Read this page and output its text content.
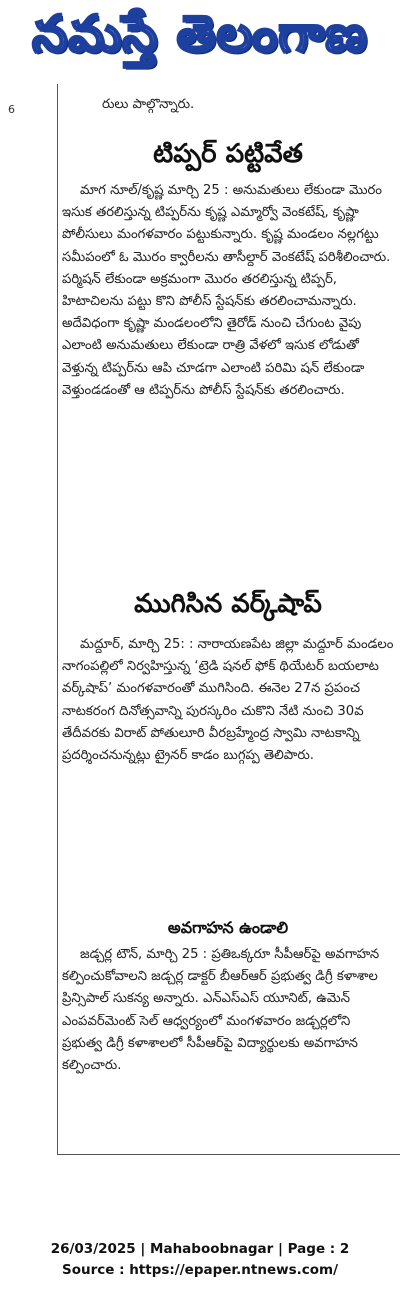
నమస్తే తెలంగాణ
6	రులు పాల్గొన్నారు.

టిప్పర్ పట్టివేత

మాగ నూల్/కృష్ణ మార్చి 25 : అనుమతులు లేకుండా మొరం ఇసుక తరలిస్తున్న టిప్పర్‌ను కృష్ణ ఎమ్మార్వో వెంకటేష్, కృష్ణా పోలీసులు మంగళవారం పట్టుకున్నారు. కృష్ణ మండలం నల్లగట్టు సమీపంలో ఓ మొరం క్వారీలను తాసీల్దార్ వెంకటేష్ పరిశీలించారు. పర్మిషన్ లేకుండా అక్రమంగా మొరం తరలిస్తున్న టిప్పర్, హిటాచిలను పట్టు కొని పోలీస్ స్టేషన్‌కు తరలించామన్నారు. అదేవిధంగా కృష్ణా మండలంలోని తైరోడ్ నుంచి చేగుంట వైపు ఎలాంటి అనుమతులు లేకుండా రాత్రి వేళలో ఇసుక లోడుతో వెళ్తున్న టిప్పర్‌ను ఆపి చూడగా ఎలాంటి పరిమి షన్ లేకుండా వెళ్తుండడంతో ఆ టిప్పర్‌ను పోలీస్ స్టేషన్‌కు తరలించారు.

ముగిసిన వర్క్‌షాప్

మద్దూర్, మార్చి 25: : నారాయణపేట జిల్లా మద్దూర్ మండలం నాగంపల్లిలో నిర్వహిస్తున్న ‘ట్రెడి షనల్ ఫోక్ థియేటర్ బయలాట వర్క్‌షాప్’ మంగళవారంతో ముగిసింది. ఈనెల 27న ప్రపంచ నాటకరంగ దినోత్సవాన్ని పురస్కరిం చుకొని నేటి నుంచి 30వ తేదీవరకు విరాట్ పోతులూరి వీరబ్రహ్మేంద్ర స్వామి నాటకాన్ని ప్రదర్శించనున్నట్లు ట్రైనర్ కాడం బుగ్గప్ప తెలిపారు.

అవగాహన ఉండాలి

జడ్చర్ల టౌన్, మార్చి 25 : ప్రతిఒక్కరూ సీపీఆర్‌పై అవగాహన కల్పించుకోవాలని జడ్చర్ల డాక్టర్ బీఆర్ఆర్ ప్రభుత్వ డిగ్రీ కళాశాల ప్రిన్సిపాల్ సుకన్య అన్నారు. ఎన్ఎస్ఎస్ యూనిట్, ఉమెన్ ఎంపవర్‌మెంట్ సెల్ ఆధ్వర్యంలో మంగళవారం జడ్చర్లలోని ప్రభుత్వ డిగ్రీ కళాశాలలో సీపీఆర్‌పై విద్యార్థులకు అవగాహన కల్పించారు.

26/03/2025 | Mahaboobnagar | Page : 2
Source : https://epaper.ntnews.com/
